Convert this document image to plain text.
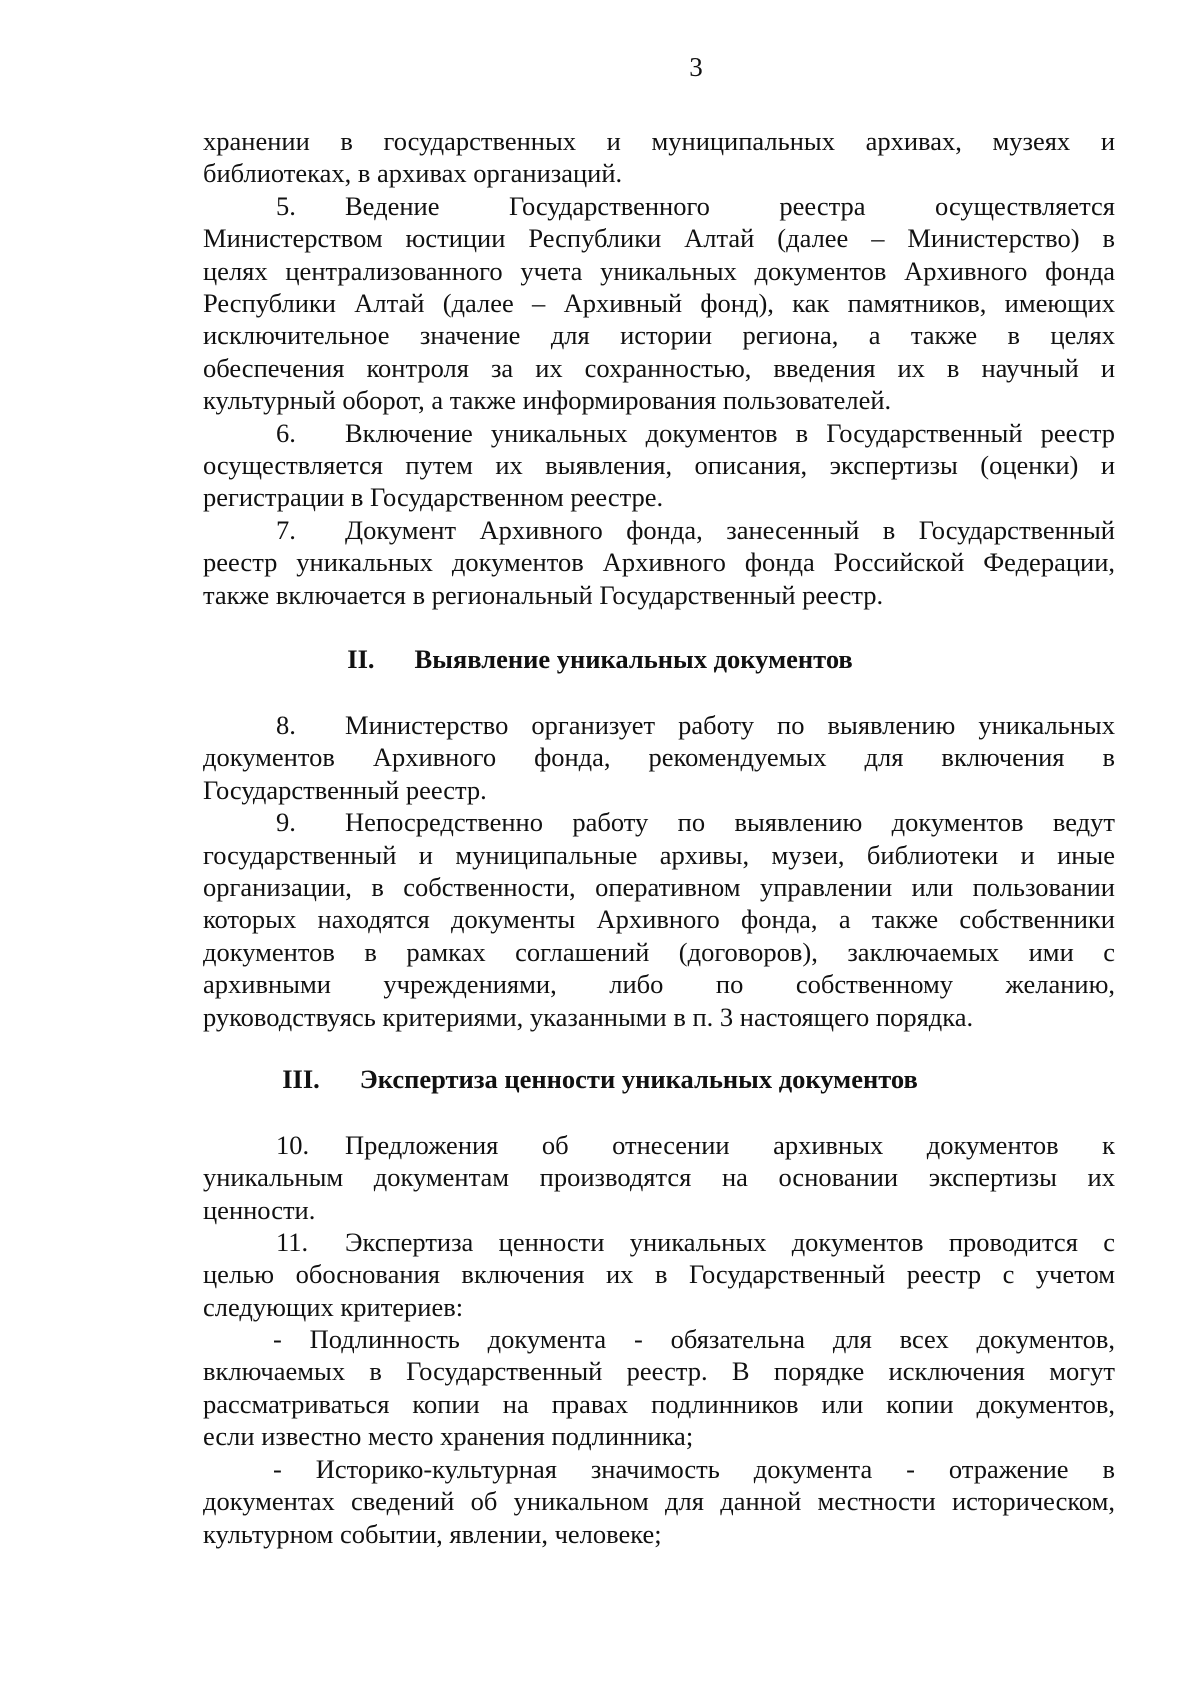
3
хранении в государственных и муниципальных архивах, музеях и
библиотеках, в архивах организаций.
5. Ведение Государственного реестра осуществляется
Министерством юстиции Республики Алтай (далее – Министерство) в
целях централизованного учета уникальных документов Архивного фонда
Республики Алтай (далее – Архивный фонд), как памятников, имеющих
исключительное значение для истории региона, а также в целях
обеспечения контроля за их сохранностью, введения их в научный и
культурный оборот, а также информирования пользователей.
6. Включение уникальных документов в Государственный реестр
осуществляется путем их выявления, описания, экспертизы (оценки) и
регистрации в Государственном реестре.
7. Документ Архивного фонда, занесенный в Государственный
реестр уникальных документов Архивного фонда Российской Федерации,
также включается в региональный Государственный реестр.
II. Выявление уникальных документов
8. Министерство организует работу по выявлению уникальных
документов Архивного фонда, рекомендуемых для включения в
Государственный реестр.
9. Непосредственно работу по выявлению документов ведут
государственный и муниципальные архивы, музеи, библиотеки и иные
организации, в собственности, оперативном управлении или пользовании
которых находятся документы Архивного фонда, а также собственники
документов в рамках соглашений (договоров), заключаемых ими с
архивными учреждениями, либо по собственному желанию,
руководствуясь критериями, указанными в п. 3 настоящего порядка.
III. Экспертиза ценности уникальных документов
10. Предложения об отнесении архивных документов к
уникальным документам производятся на основании экспертизы их
ценности.
11. Экспертиза ценности уникальных документов проводится с
целью обоснования включения их в Государственный реестр с учетом
следующих критериев:
- Подлинность документа - обязательна для всех документов,
включаемых в Государственный реестр. В порядке исключения могут
рассматриваться копии на правах подлинников или копии документов,
если известно место хранения подлинника;
- Историко-культурная значимость документа - отражение в
документах сведений об уникальном для данной местности историческом,
культурном событии, явлении, человеке;
